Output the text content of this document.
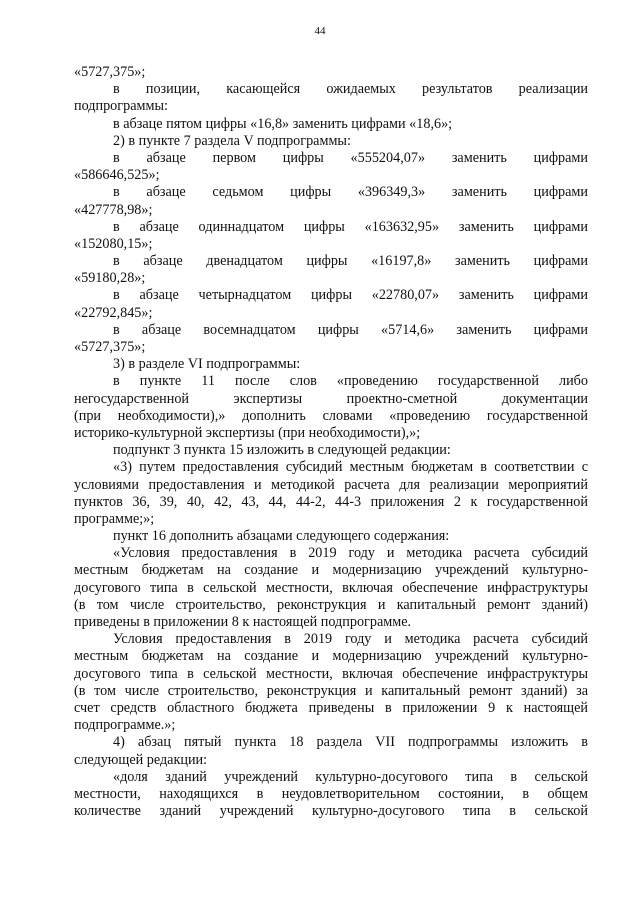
44
«5727,375»;
в позиции, касающейся ожидаемых результатов реализации
подпрограммы:
в абзаце пятом цифры «16,8» заменить цифрами «18,6»;
2) в пункте 7 раздела V подпрограммы:
в абзаце первом цифры «555204,07» заменить цифрами
«586646,525»;
в абзаце седьмом цифры «396349,3» заменить цифрами
«427778,98»;
в абзаце одиннадцатом цифры «163632,95» заменить цифрами
«152080,15»;
в абзаце двенадцатом цифры «16197,8» заменить цифрами
«59180,28»;
в абзаце четырнадцатом цифры «22780,07» заменить цифрами
«22792,845»;
в абзаце восемнадцатом цифры «5714,6» заменить цифрами
«5727,375»;
3) в разделе VI подпрограммы:
в пункте 11 после слов «проведению государственной либо
негосударственной экспертизы проектно-сметной документации
(при необходимости),» дополнить словами «проведению государственной
историко-культурной экспертизы (при необходимости),»;
подпункт 3 пункта 15 изложить в следующей редакции:
«3) путем предоставления субсидий местным бюджетам в соответствии с
условиями предоставления и методикой расчета для реализации мероприятий
пунктов 36, 39, 40, 42, 43, 44, 44-2, 44-3 приложения 2 к государственной
программе;»;
пункт 16 дополнить абзацами следующего содержания:
«Условия предоставления в 2019 году и методика расчета субсидий
местным бюджетам на создание и модернизацию учреждений культурно-
досугового типа в сельской местности, включая обеспечение инфраструктуры
(в том числе строительство, реконструкция и капитальный ремонт зданий)
приведены в приложении 8 к настоящей подпрограмме.
Условия предоставления в 2019 году и методика расчета субсидий
местным бюджетам на создание и модернизацию учреждений культурно-
досугового типа в сельской местности, включая обеспечение инфраструктуры
(в том числе строительство, реконструкция и капитальный ремонт зданий) за
счет средств областного бюджета приведены в приложении 9 к настоящей
подпрограмме.»;
4) абзац пятый пункта 18 раздела VII подпрограммы изложить в
следующей редакции:
«доля зданий учреждений культурно-досугового типа в сельской
местности, находящихся в неудовлетворительном состоянии, в общем
количестве зданий учреждений культурно-досугового типа в сельской
